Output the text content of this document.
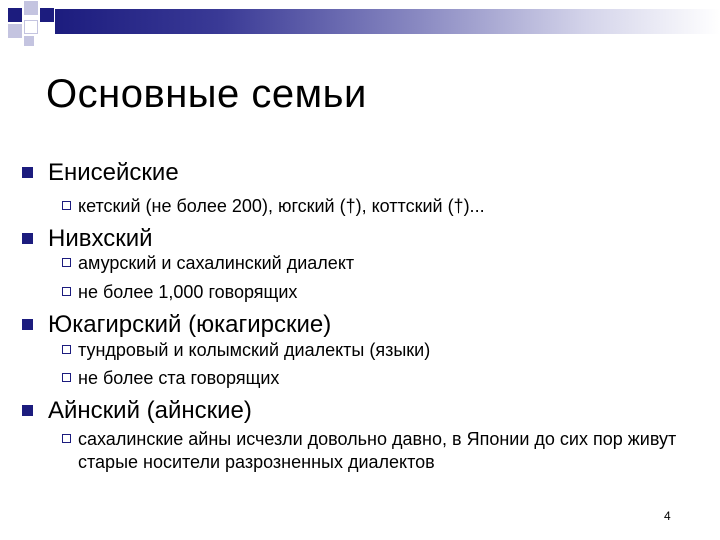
Основные семьи
Енисейские
кетский (не более 200), югский (†), коттский (†)...
Нивхский
амурский и сахалинский диалект
не более 1,000 говорящих
Юкагирский (юкагирские)
тундровый и колымский диалекты (языки)
не более ста говорящих
Айнский (айнские)
сахалинские айны исчезли довольно давно, в Японии до сих пор живут старые носители разрозненных диалектов
4
